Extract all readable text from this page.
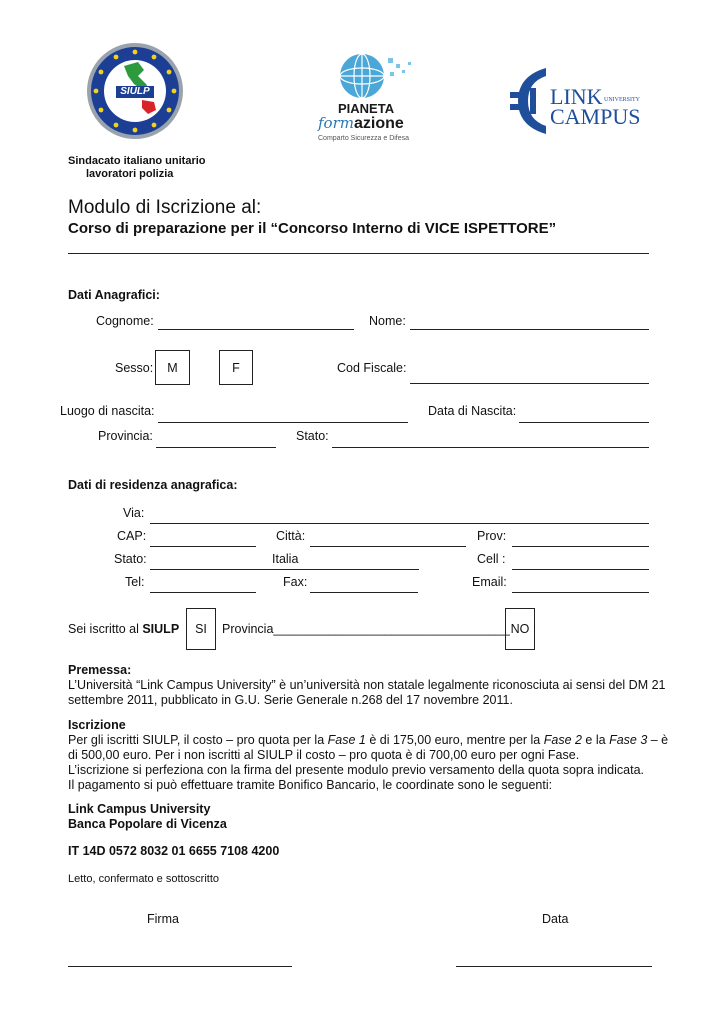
SIULP
PIANETA
formazione
Comparto Sicurezza e Difesa
LINK UNIVERSITY
CAMPUS
Sindacato italiano unitario
lavoratori polizia
Modulo di Iscrizione al:
Corso di preparazione per il “Concorso Interno di VICE ISPETTORE”
Dati Anagrafici:
Cognome:	Nome:
Sesso:	M	F	Cod Fiscale:
Luogo di nascita:	Data di Nascita:
Provincia:	Stato:
Dati di residenza anagrafica:
Via:
CAP:	Città:	Prov:
Stato:	Italia	Cell :
Tel:	Fax:	Email:
Sei iscritto al SIULP	SI	Provincia__________________________________ NO
Premessa:
L’Università “Link Campus University” è un’università non statale legalmente riconosciuta ai sensi del DM 21
settembre 2011, pubblicato in G.U. Serie Generale n.268 del 17 novembre 2011.
Iscrizione
Per gli iscritti SIULP, il costo – pro quota per la Fase 1 è di 175,00 euro, mentre per la Fase 2 e la Fase 3 – è
di 500,00 euro. Per i non iscritti al SIULP il costo – pro quota è di 700,00 euro per ogni Fase.
L’iscrizione si perfeziona con la firma del presente modulo previo versamento della quota sopra indicata.
Il pagamento si può effettuare tramite Bonifico Bancario, le coordinate sono le seguenti:
Link Campus University
Banca Popolare di Vicenza
IT 14D 0572 8032 01 6655 7108 4200
Letto, confermato e sottoscritto
Firma	Data
